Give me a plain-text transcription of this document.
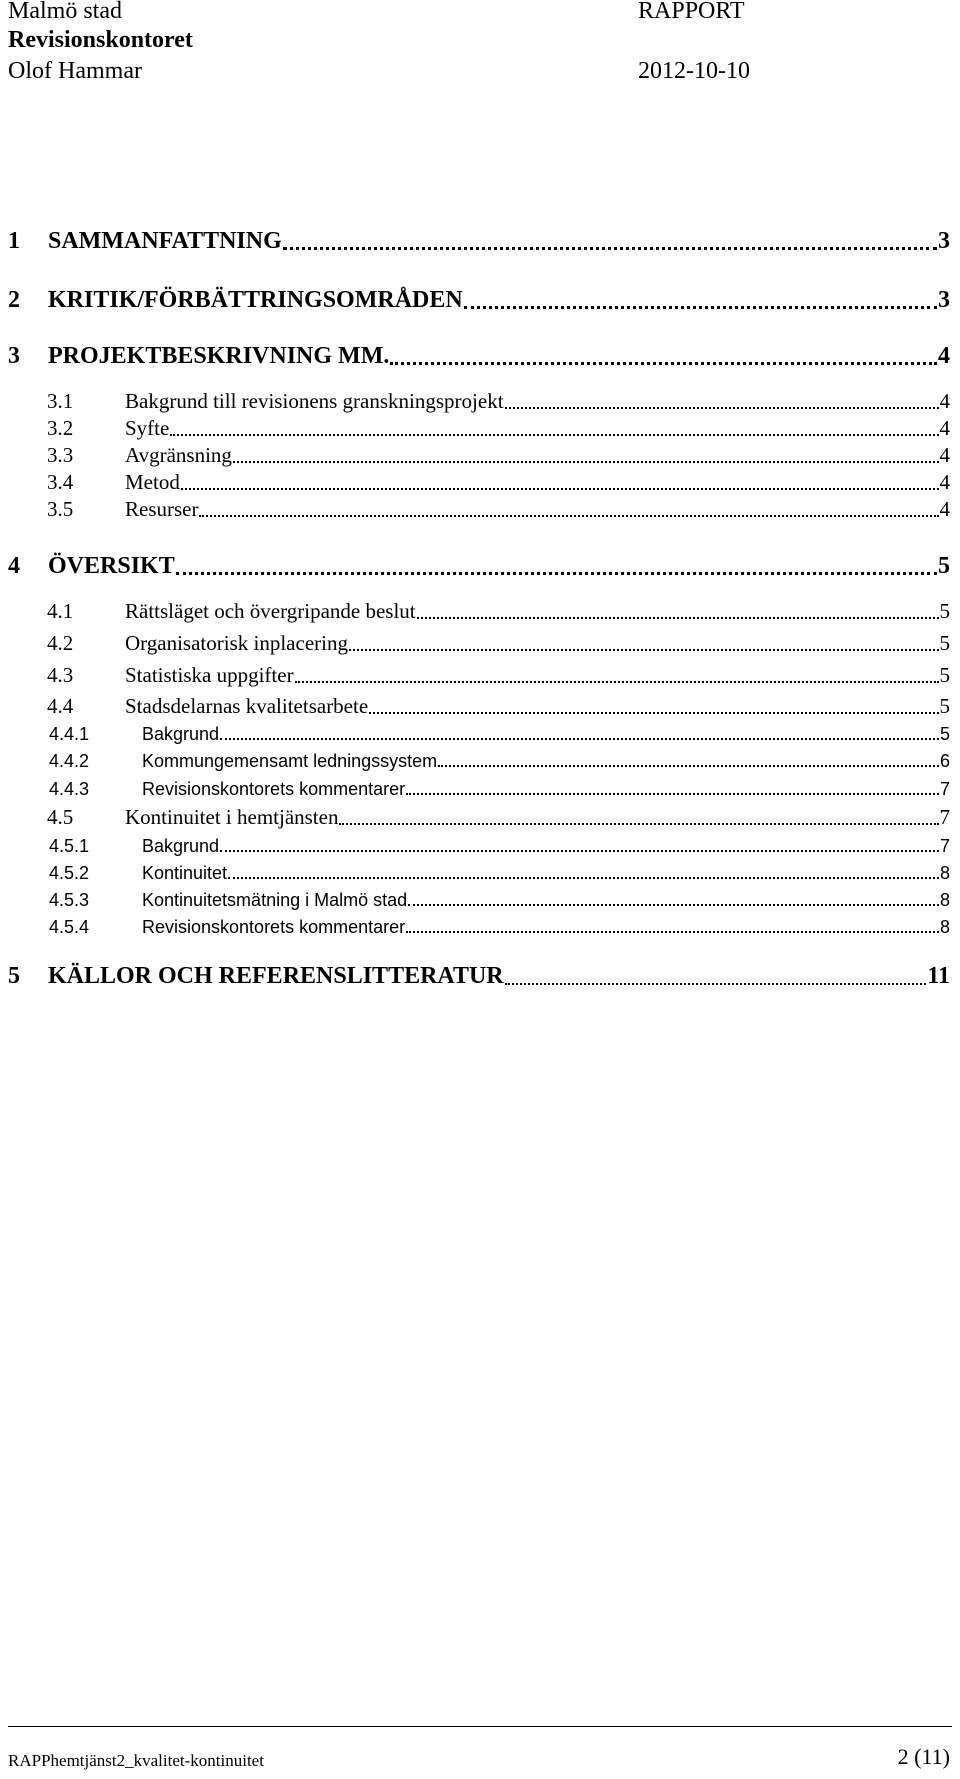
Malmö stad	RAPPORT
Revisionskontoret
Olof Hammar	2012-10-10
1	SAMMANFATTNING	3
2	KRITIK/FÖRBÄTTRINGSOMRÅDEN	3
3	PROJEKTBESKRIVNING MM.	4
3.1	Bakgrund till revisionens granskningsprojekt	4
3.2	Syfte	4
3.3	Avgränsning	4
3.4	Metod	4
3.5	Resurser	4
4	ÖVERSIKT	5
4.1	Rättsläget och övergripande beslut	5
4.2	Organisatorisk inplacering	5
4.3	Statistiska uppgifter	5
4.4	Stadsdelarnas kvalitetsarbete	5
4.4.1	Bakgrund	5
4.4.2	Kommungemensamt ledningssystem	6
4.4.3	Revisionskontorets kommentarer	7
4.5	Kontinuitet i hemtjänsten	7
4.5.1	Bakgrund	7
4.5.2	Kontinuitet	8
4.5.3	Kontinuitetsmätning i Malmö stad	8
4.5.4	Revisionskontorets kommentarer	8
5	KÄLLOR OCH REFERENSLITTERATUR	11
RAPPhemtjänst2_kvalitet-kontinuitet	2 (11)
